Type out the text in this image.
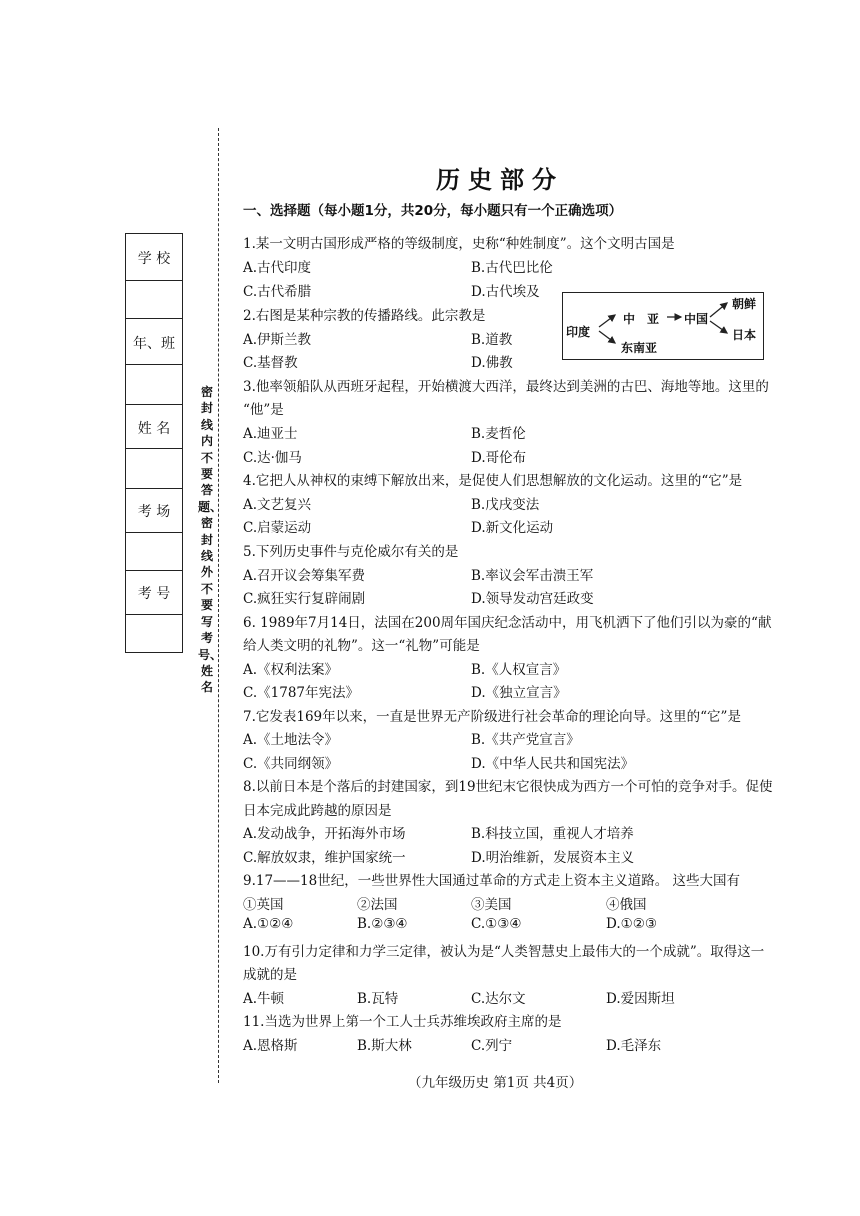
学 校
年、班
姓 名
考 场
考 号
密封线内不要答题、密封线外不要写考号、姓名
历史部分
一、选择题（每小题1分，共20分，每小题只有一个正确选项）
1.某一文明古国形成严格的等级制度，史称“种姓制度”。这个文明古国是
A.古代印度	B.古代巴比伦
C.古代希腊	D.古代埃及
2.右图是某种宗教的传播路线。此宗教是
A.伊斯兰教	B.道教
C.基督教	D.佛教
印度
中　亚
东南亚
中国
朝鲜
日本
3.他率领船队从西班牙起程，开始横渡大西洋，最终达到美洲的古巴、海地等地。这里的
“他”是
A.迪亚士	B.麦哲伦
C.达·伽马	D.哥伦布
4.它把人从神权的束缚下解放出来，是促使人们思想解放的文化运动。这里的“它”是
A.文艺复兴	B.戊戌变法
C.启蒙运动	D.新文化运动
5.下列历史事件与克伦威尔有关的是
A.召开议会筹集军费	B.率议会军击溃王军
C.疯狂实行复辟闹剧	D.领导发动宫廷政变
6. 1989年7月14日，法国在200周年国庆纪念活动中，用飞机洒下了他们引以为豪的“献
给人类文明的礼物”。这一“礼物”可能是
A.《权利法案》	B.《人权宣言》
C.《1787年宪法》	D.《独立宣言》
7.它发表169年以来，一直是世界无产阶级进行社会革命的理论向导。这里的“它”是
A.《土地法令》	B.《共产党宣言》
C.《共同纲领》	D.《中华人民共和国宪法》
8.以前日本是个落后的封建国家，到19世纪末它很快成为西方一个可怕的竞争对手。促使
日本完成此跨越的原因是
A.发动战争，开拓海外市场	B.科技立国，重视人才培养
C.解放奴隶，维护国家统一	D.明治维新，发展资本主义
9.17——18世纪，一些世界性大国通过革命的方式走上资本主义道路。 这些大国有
①英国	②法国	③美国	④俄国
A.①②④	B.②③④	C.①③④	D.①②③
10.万有引力定律和力学三定律，被认为是“人类智慧史上最伟大的一个成就”。取得这一
成就的是
A.牛顿	B.瓦特	C.达尔文	D.爱因斯坦
11.当选为世界上第一个工人士兵苏维埃政府主席的是
A.恩格斯	B.斯大林	C.列宁	D.毛泽东
（九年级历史 第1页 共4页）
